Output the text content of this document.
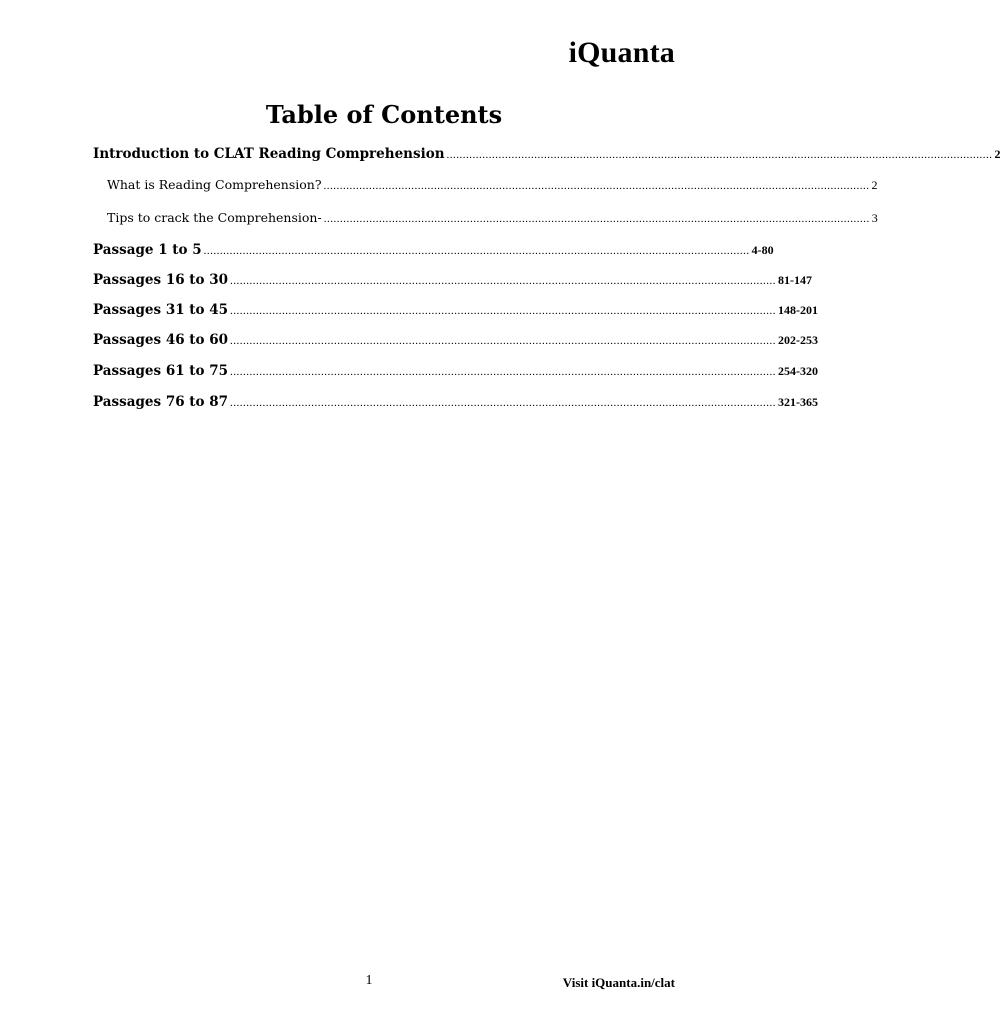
iQuanta
Table of Contents
Introduction to CLAT Reading Comprehension ........................................................................................................................................................................ 2
What is Reading Comprehension? ........................................................................................................................................................................ 2
Tips to crack the Comprehension- ........................................................................................................................................................................ 3
Passage 1 to 5 ........................................................................................................................................................................ 4-80
Passages 16 to 30 ........................................................................................................................................................................ 81-147
Passages 31 to 45 ........................................................................................................................................................................ 148-201
Passages 46 to 60 ........................................................................................................................................................................ 202-253
Passages 61 to 75 ........................................................................................................................................................................ 254-320
Passages 76 to 87 ........................................................................................................................................................................ 321-365
1	Visit iQuanta.in/clat
